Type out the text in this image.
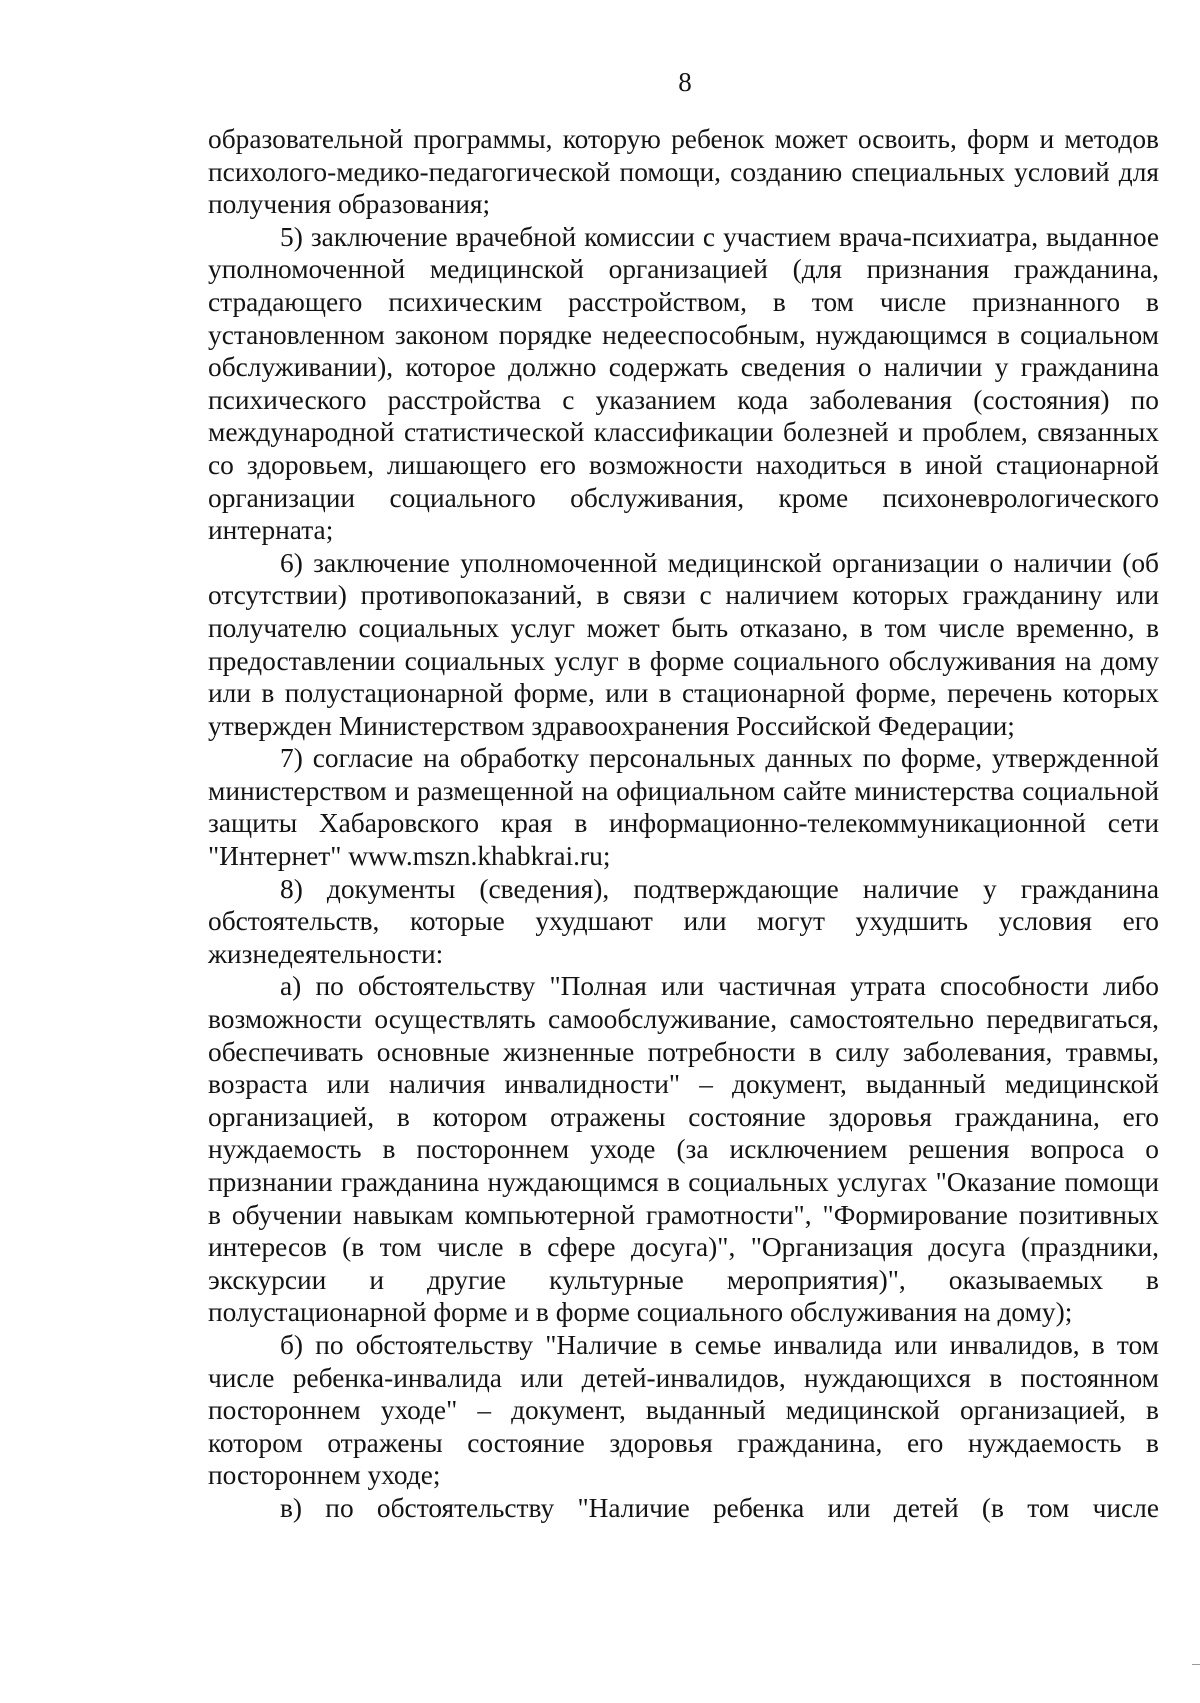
8

образовательной программы, которую ребенок может освоить, форм и методов психолого-медико-педагогической помощи, созданию специальных условий для получения образования;

5) заключение врачебной комиссии с участием врача-психиатра, выданное уполномоченной медицинской организацией (для признания гражданина, страдающего психическим расстройством, в том числе признанного в установленном законом порядке недееспособным, нуждающимся в социальном обслуживании), которое должно содержать сведения о наличии у гражданина психического расстройства с указанием кода заболевания (состояния) по международной статистической классификации болезней и проблем, связанных со здоровьем, лишающего его возможности находиться в иной стационарной организации социального обслуживания, кроме психоневрологического интерната;

6) заключение уполномоченной медицинской организации о наличии (об отсутствии) противопоказаний, в связи с наличием которых гражданину или получателю социальных услуг может быть отказано, в том числе временно, в предоставлении социальных услуг в форме социального обслуживания на дому или в полустационарной форме, или в стационарной форме, перечень которых утвержден Министерством здравоохранения Российской Федерации;

7) согласие на обработку персональных данных по форме, утвержденной министерством и размещенной на официальном сайте министерства социальной защиты Хабаровского края в информационно-телекоммуникационной сети "Интернет" www.mszn.khabkrai.ru;

8) документы (сведения), подтверждающие наличие у гражданина обстоятельств, которые ухудшают или могут ухудшить условия его жизнедеятельности:

а) по обстоятельству "Полная или частичная утрата способности либо возможности осуществлять самообслуживание, самостоятельно передвигаться, обеспечивать основные жизненные потребности в силу заболевания, травмы, возраста или наличия инвалидности" – документ, выданный медицинской организацией, в котором отражены состояние здоровья гражданина, его нуждаемость в постороннем уходе (за исключением решения вопроса о признании гражданина нуждающимся в социальных услугах "Оказание помощи в обучении навыкам компьютерной грамотности", "Формирование позитивных интересов (в том числе в сфере досуга)", "Организация досуга (праздники, экскурсии и другие культурные мероприятия)", оказываемых в полустационарной форме и в форме социального обслуживания на дому);

б) по обстоятельству "Наличие в семье инвалида или инвалидов, в том числе ребенка-инвалида или детей-инвалидов, нуждающихся в постоянном постороннем уходе" – документ, выданный медицинской организацией, в котором отражены состояние здоровья гражданина, его нуждаемость в постороннем уходе;

в) по обстоятельству "Наличие ребенка или детей (в том числе
